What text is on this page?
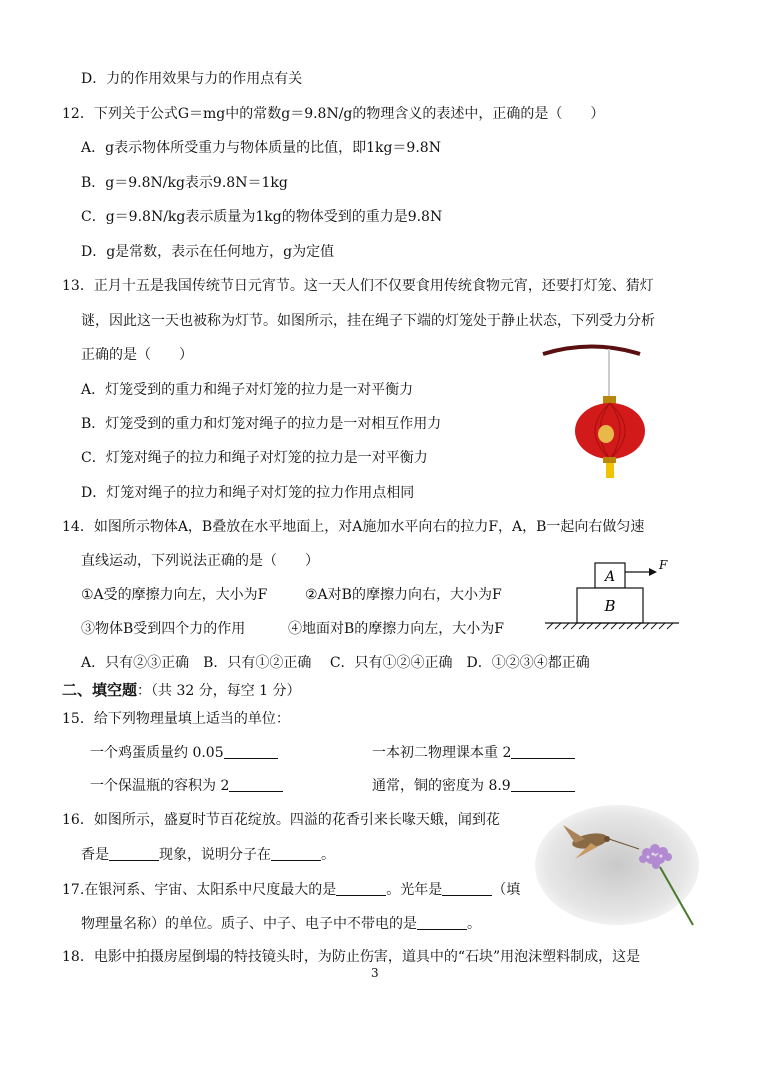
D．力的作用效果与力的作用点有关
12．下列关于公式G＝mg中的常数g＝9.8N/g的物理含义的表述中，正确的是（　　）
A．g表示物体所受重力与物体质量的比值，即1kg＝9.8N
B．g＝9.8N/kg表示9.8N＝1kg
C．g＝9.8N/kg表示质量为1kg的物体受到的重力是9.8N
D．g是常数，表示在任何地方，g为定值
13．正月十五是我国传统节日元宵节。这一天人们不仅要食用传统食物元宵，还要打灯笼、猜灯
谜，因此这一天也被称为灯节。如图所示，挂在绳子下端的灯笼处于静止状态，下列受力分析
正确的是（　　）
A．灯笼受到的重力和绳子对灯笼的拉力是一对平衡力
B．灯笼受到的重力和灯笼对绳子的拉力是一对相互作用力
C．灯笼对绳子的拉力和绳子对灯笼的拉力是一对平衡力
D．灯笼对绳子的拉力和绳子对灯笼的拉力作用点相同
14．如图所示物体A，B叠放在水平地面上，对A施加水平向右的拉力F，A，B一起向右做匀速
直线运动，下列说法正确的是（　　）
①A受的摩擦力向左，大小为F	②A对B的摩擦力向右，大小为F
③物体B受到四个力的作用	④地面对B的摩擦力向左，大小为F
A．只有②③正确　B．只有①②正确　 C．只有①②④正确　D．①②③④都正确
A
B
F
二、填空题：（共 32 分，每空 1 分）
15．给下列物理量填上适当的单位：
一个鸡蛋质量约 0.05	一本初二物理课本重 2
一个保温瓶的容积为 2	通常，铜的密度为 8.9
16．如图所示，盛夏时节百花绽放。四溢的花香引来长喙天蛾，闻到花
香是	现象，说明分子在	。
17.在银河系、宇宙、太阳系中尺度最大的是	。光年是	（填
物理量名称）的单位。质子、中子、电子中不带电的是	。
18．电影中拍摄房屋倒塌的特技镜头时，为防止伤害，道具中的“石块”用泡沫塑料制成，这是
3
